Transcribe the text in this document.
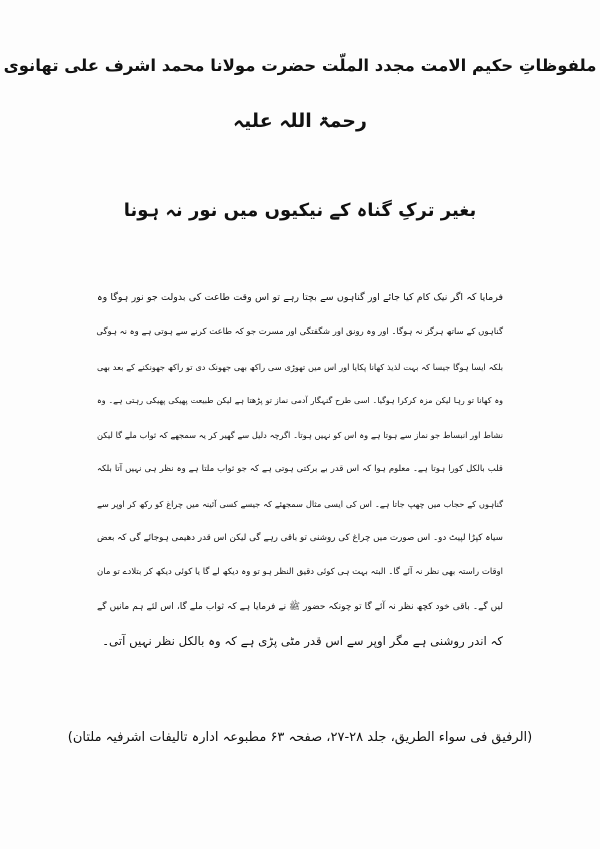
ملفوظاتِ حکیم الامت مجدد الملّت حضرت مولانا محمد اشرف علی تھانوی
رحمۃ اللہ علیہ
بغیر ترکِ گناہ کے نیکیوں میں نور نہ ہونا
فرمایا کہ اگر نیک کام کیا جائے اور گناہوں سے بچتا رہے تو اس وقت طاعت کی بدولت جو نور ہوگا وہ
گناہوں کے ساتھ ہرگز نہ ہوگا۔ اور وہ رونق اور شگفتگی اور مسرت جو کہ طاعت کرنے سے ہوتی ہے وہ نہ ہوگی
بلکہ ایسا ہوگا جیسا کہ بہت لذیذ کھانا پکایا اور اس میں تھوڑی سی راکھ بھی جھونک دی تو راکھ جھونکنے کے بعد بھی
وہ کھانا تو رہا لیکن مزہ کرکرا ہوگیا۔ اسی طرح گنہگار آدمی نماز تو پڑھتا ہے لیکن طبیعت پھیکی پھیکی رہتی ہے۔ وہ
نشاط اور انبساط جو نماز سے ہوتا ہے وہ اس کو نہیں ہوتا۔ اگرچہ دلیل سے گھیر کر یہ سمجھے کہ ثواب ملے گا لیکن
قلب بالکل کورا ہوتا ہے۔ معلوم ہوا کہ اس قدر بے برکتی ہوتی ہے کہ جو ثواب ملتا ہے وہ نظر ہی نہیں آتا بلکہ
گناہوں کے حجاب میں چھپ جاتا ہے۔ اس کی ایسی مثال سمجھئے کہ جیسے کسی آئینہ میں چراغ کو رکھ کر اوپر سے
سیاہ کپڑا لپیٹ دو۔ اس صورت میں چراغ کی روشنی تو باقی رہے گی لیکن اس قدر دھیمی ہوجائے گی کہ بعض
اوقات راستہ بھی نظر نہ آئے گا۔ البتہ بہت ہی کوئی دقیق النظر ہو تو وہ دیکھ لے گا یا کوئی دیکھ کر بتلادے تو مان
لیں گے۔ باقی خود کچھ نظر نہ آئے گا تو چونکہ حضور ﷺ نے فرمایا ہے کہ ثواب ملے گا، اس لئے ہم مانیں گے
کہ اندر روشنی ہے مگر اوپر سے اس قدر مٹی پڑی ہے کہ وہ بالکل نظر نہیں آتی۔
(الرفیق فی سواء الطریق، جلد ۲۸-۲۷، صفحہ ۶۳ مطبوعہ ادارہ تالیفات اشرفیہ ملتان)
